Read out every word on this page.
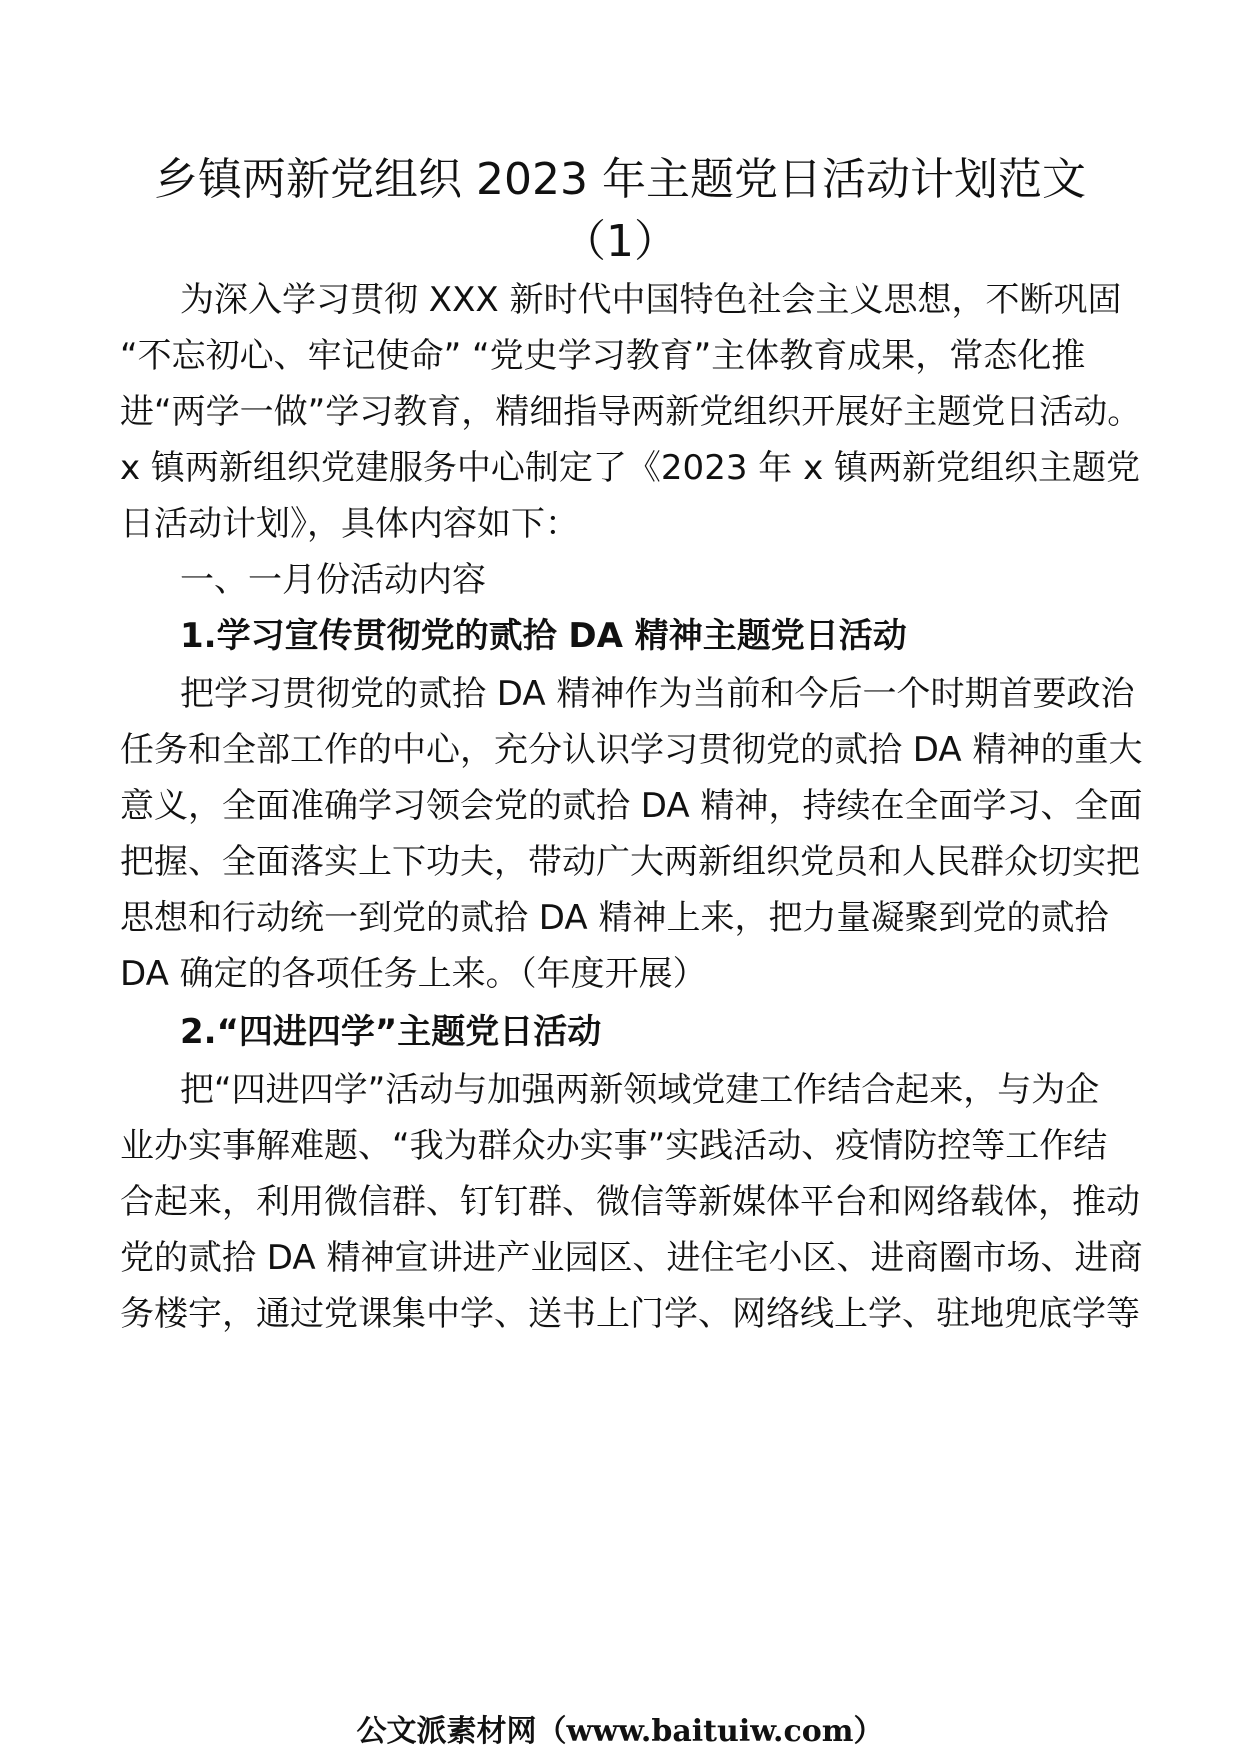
乡镇两新党组织 2023 年主题党日活动计划范文
（1）
为深入学习贯彻 XXX 新时代中国特色社会主义思想，不断巩固
“不忘初心、牢记使命” “党史学习教育”主体教育成果，常态化推
进“两学一做”学习教育，精细指导两新党组织开展好主题党日活动。
x 镇两新组织党建服务中心制定了《2023 年 x 镇两新党组织主题党
日活动计划》，具体内容如下：
一、一月份活动内容
1.学习宣传贯彻党的贰拾 DA 精神主题党日活动
把学习贯彻党的贰拾 DA 精神作为当前和今后一个时期首要政治
任务和全部工作的中心，充分认识学习贯彻党的贰拾 DA 精神的重大
意义，全面准确学习领会党的贰拾 DA 精神，持续在全面学习、全面
把握、全面落实上下功夫，带动广大两新组织党员和人民群众切实把
思想和行动统一到党的贰拾 DA 精神上来，把力量凝聚到党的贰拾
DA 确定的各项任务上来。（年度开展）
2.“四进四学”主题党日活动
把“四进四学”活动与加强两新领域党建工作结合起来，与为企
业办实事解难题、“我为群众办实事”实践活动、疫情防控等工作结
合起来，利用微信群、钉钉群、微信等新媒体平台和网络载体，推动
党的贰拾 DA 精神宣讲进产业园区、进住宅小区、进商圈市场、进商
务楼宇，通过党课集中学、送书上门学、网络线上学、驻地兜底学等
公文派素材网（www.baituiw.com）
